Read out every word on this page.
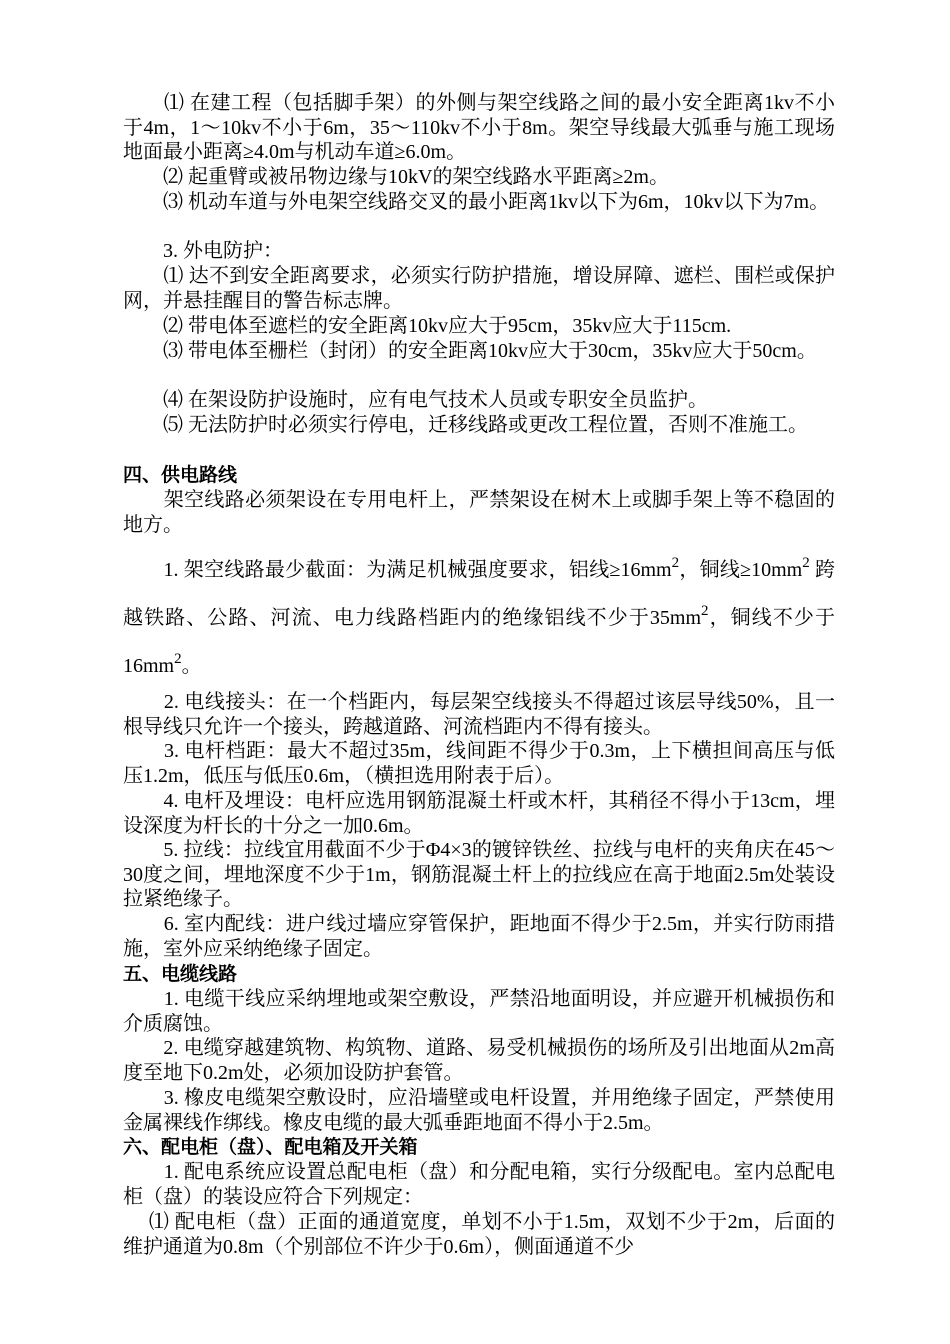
　　⑴ 在建工程（包括脚手架）的外侧与架空线路之间的最小安全距离1kv不小于4m，1～10kv不小于6m，35～110kv不小于8m。架空导线最大弧垂与施工现场地面最小距离≥4.0m与机动车道≥6.0m。

　　⑵ 起重臂或被吊物边缘与10kV的架空线路水平距离≥2m。

　　⑶ 机动车道与外电架空线路交叉的最小距离1kv以下为6m，10kv以下为7m。

　　3. 外电防护：

　　⑴ 达不到安全距离要求，必须实行防护措施，增设屏障、遮栏、围栏或保护网，并悬挂醒目的警告标志牌。

　　⑵ 带电体至遮栏的安全距离10kv应大于95cm，35kv应大于115cm.

　　⑶ 带电体至栅栏（封闭）的安全距离10kv应大于30cm，35kv应大于50cm。

　　⑷ 在架设防护设施时，应有电气技术人员或专职安全员监护。

　　⑸ 无法防护时必须实行停电，迁移线路或更改工程位置，否则不准施工。

四、供电路线

　　架空线路必须架设在专用电杆上，严禁架设在树木上或脚手架上等不稳固的地方。

　　1. 架空线路最少截面：为满足机械强度要求，铝线$\ge 16mm^2$，铜线$\ge 10mm^2$ 跨越铁路、公路、河流、电力线路档距内的绝缘铝线不少于$35mm^2$，铜线不少于$16mm^2$。

　　2. 电线接头：在一个档距内，每层架空线接头不得超过该层导线50%，且一根导线只允许一个接头，跨越道路、河流档距内不得有接头。

　　3. 电杆档距：最大不超过35m，线间距不得少于0.3m，上下横担间高压与低压1.2m，低压与低压0.6m，（横担选用附表于后）。

　　4. 电杆及埋设：电杆应选用钢筋混凝土杆或木杆，其稍径不得小于13cm，埋设深度为杆长的十分之一加0.6m。

　　5. 拉线：拉线宜用截面不少于Φ4×3的镀锌铁丝、拉线与电杆的夹角庆在45～30度之间，埋地深度不少于1m，钢筋混凝土杆上的拉线应在高于地面2.5m处装设拉紧绝缘子。

　　6. 室内配线：进户线过墙应穿管保护，距地面不得少于2.5m，并实行防雨措施，室外应采纳绝缘子固定。

五、电缆线路

　　1. 电缆干线应采纳埋地或架空敷设，严禁沿地面明设，并应避开机械损伤和介质腐蚀。

　　2. 电缆穿越建筑物、构筑物、道路、易受机械损伤的场所及引出地面从2m高度至地下0.2m处，必须加设防护套管。

　　3. 橡皮电缆架空敷设时，应沿墙壁或电杆设置，并用绝缘子固定，严禁使用金属裸线作绑线。橡皮电缆的最大弧垂距地面不得小于2.5m。

六、配电柜（盘）、配电箱及开关箱

　　1. 配电系统应设置总配电柜（盘）和分配电箱，实行分级配电。室内总配电柜（盘）的装设应符合下列规定：

　 ⑴ 配电柜（盘）正面的通道宽度，单划不小于1.5m，双划不少于2m，后面的维护通道为0.8m（个别部位不许少于0.6m），侧面通道不少
